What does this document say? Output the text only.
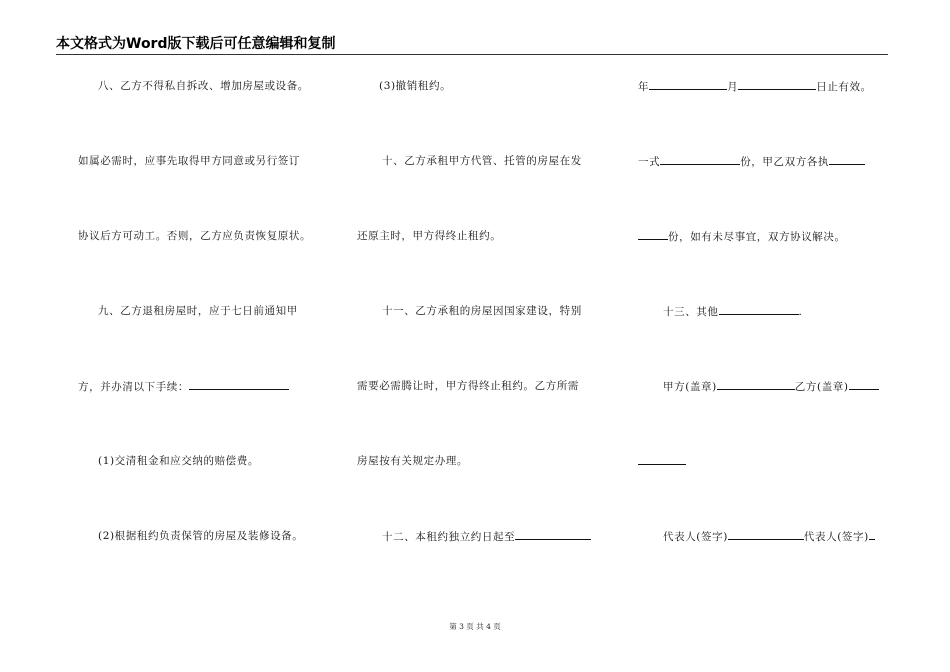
本文格式为Word版下载后可任意编辑和复制
八、乙方不得私自拆改、增加房屋或设备。
如属必需时，应事先取得甲方同意或另行签订
协议后方可动工。否则，乙方应负责恢复原状。
九、乙方退租房屋时，应于七日前通知甲
方，并办清以下手续：
(1)交清租金和应交纳的赔偿费。
(2)根据租约负责保管的房屋及装修设备。
(3)撤销租约。
十、乙方承租甲方代管、托管的房屋在发
还原主时，甲方得终止租约。
十一、乙方承租的房屋因国家建设，特别
需要必需腾让时，甲方得终止租约。乙方所需
房屋按有关规定办理。
十二、本租约独立约日起至
年	月	日止有效。
一式	份，甲乙双方各执
份，如有未尽事宜，双方协议解决。
十三、其他	.
甲方(盖章)	乙方(盖章)
代表人(签字)	代表人(签字)
第 3 页 共 4 页
